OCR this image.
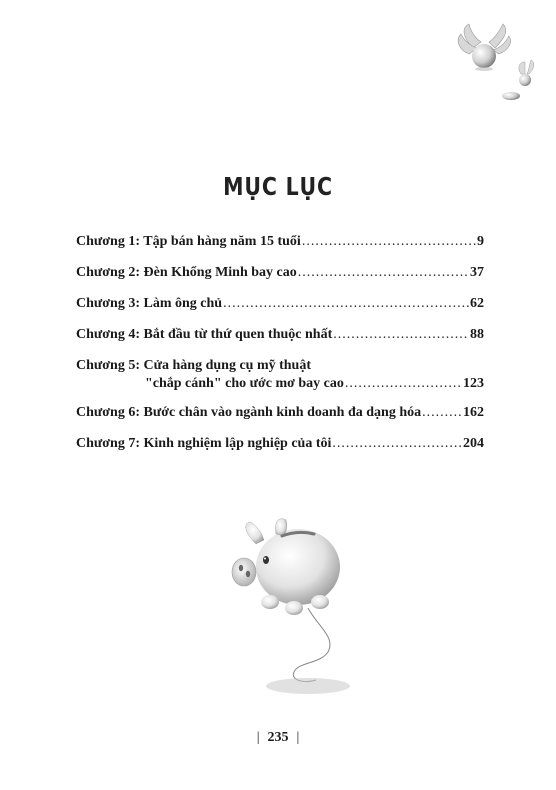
MỤC LỤC
Chương 1: Tập bán hàng năm 15 tuổi .....	9
Chương 2: Đèn Khổng Minh bay cao .....	37
Chương 3: Làm ông chủ .....	62
Chương 4: Bắt đầu từ thứ quen thuộc nhất .....	88
Chương 5: Cửa hàng dụng cụ mỹ thuật
"chắp cánh" cho ước mơ bay cao .....	123
Chương 6: Bước chân vào ngành kinh doanh đa dạng hóa .....	162
Chương 7: Kinh nghiệm lập nghiệp của tôi .....	204
| 235 |
